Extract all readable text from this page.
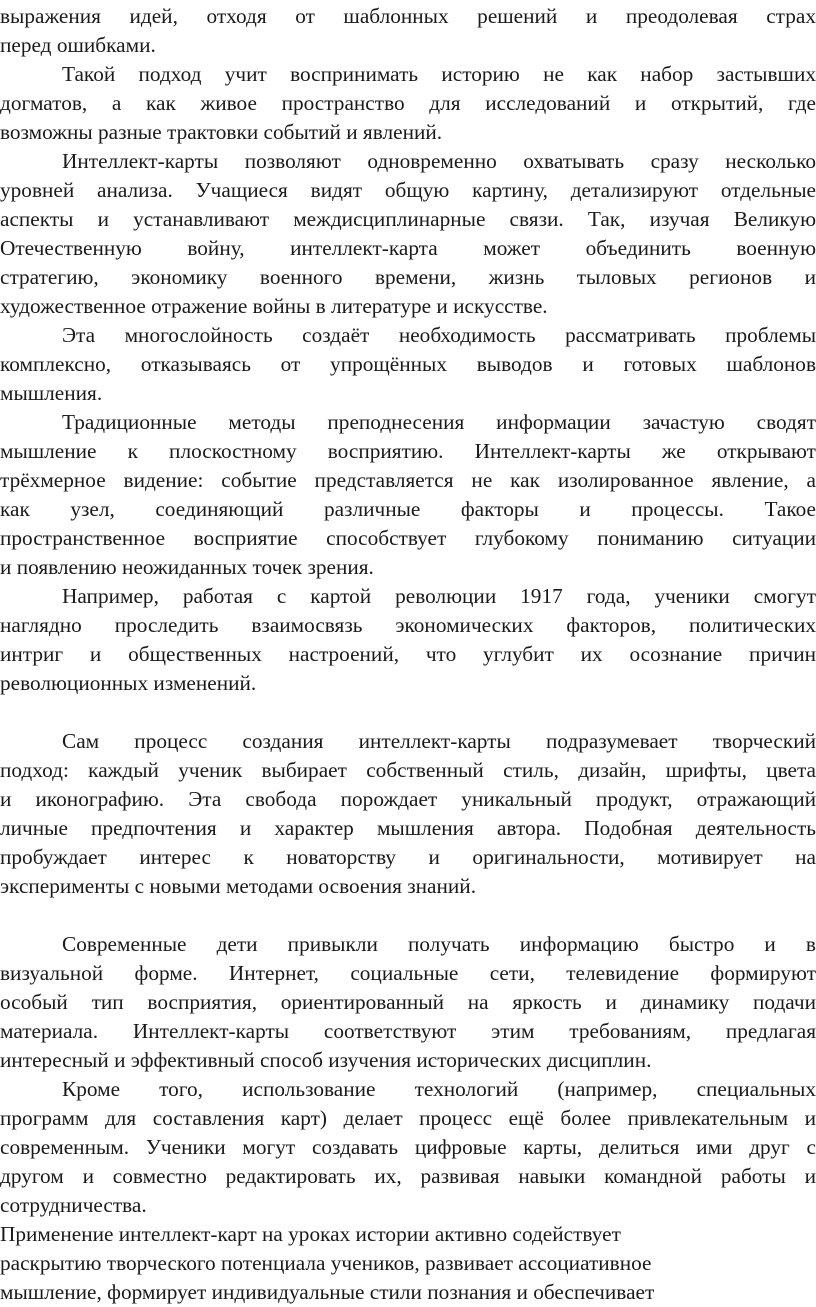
выражения идей, отходя от шаблонных решений и преодолевая страх
перед ошибками.
Такой подход учит воспринимать историю не как набор застывших
догматов, а как живое пространство для исследований и открытий, где
возможны разные трактовки событий и явлений.
Интеллект-карты позволяют одновременно охватывать сразу несколько
уровней анализа. Учащиеся видят общую картину, детализируют отдельные
аспекты и устанавливают междисциплинарные связи. Так, изучая Великую
Отечественную войну, интеллект-карта может объединить военную
стратегию, экономику военного времени, жизнь тыловых регионов и
художественное отражение войны в литературе и искусстве.
Эта многослойность создаёт необходимость рассматривать проблемы
комплексно, отказываясь от упрощённых выводов и готовых шаблонов
мышления.
Традиционные методы преподнесения информации зачастую сводят
мышление к плоскостному восприятию. Интеллект-карты же открывают
трёхмерное видение: событие представляется не как изолированное явление, а
как узел, соединяющий различные факторы и процессы. Такое
пространственное восприятие способствует глубокому пониманию ситуации
и появлению неожиданных точек зрения.
Например, работая с картой революции 1917 года, ученики смогут
наглядно проследить взаимосвязь экономических факторов, политических
интриг и общественных настроений, что углубит их осознание причин
революционных изменений.
Сам процесс создания интеллект-карты подразумевает творческий
подход: каждый ученик выбирает собственный стиль, дизайн, шрифты, цвета
и иконографию. Эта свобода порождает уникальный продукт, отражающий
личные предпочтения и характер мышления автора. Подобная деятельность
пробуждает интерес к новаторству и оригинальности, мотивирует на
эксперименты с новыми методами освоения знаний.
Современные дети привыкли получать информацию быстро и в
визуальной форме. Интернет, социальные сети, телевидение формируют
особый тип восприятия, ориентированный на яркость и динамику подачи
материала. Интеллект-карты соответствуют этим требованиям, предлагая
интересный и эффективный способ изучения исторических дисциплин.
Кроме того, использование технологий (например, специальных
программ для составления карт) делает процесс ещё более привлекательным и
современным. Ученики могут создавать цифровые карты, делиться ими друг с
другом и совместно редактировать их, развивая навыки командной работы и
сотрудничества.
Применение интеллект-карт на уроках истории активно содействует
раскрытию творческого потенциала учеников, развивает ассоциативное
мышление, формирует индивидуальные стили познания и обеспечивает
